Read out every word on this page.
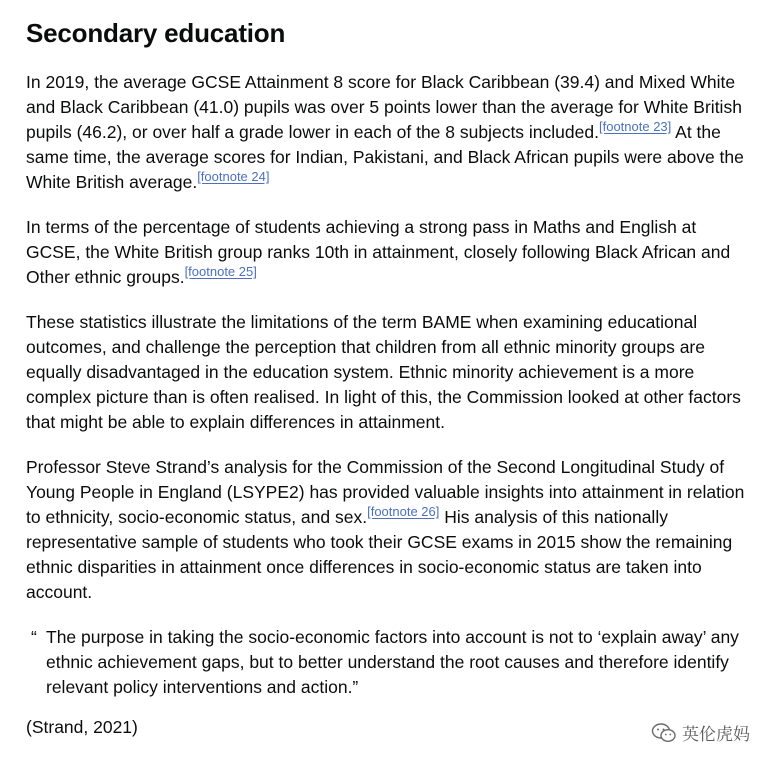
Secondary education

In 2019, the average GCSE Attainment 8 score for Black Caribbean (39.4) and Mixed White and Black Caribbean (41.0) pupils was over 5 points lower than the average for White British pupils (46.2), or over half a grade lower in each of the 8 subjects included.[footnote 23] At the same time, the average scores for Indian, Pakistani, and Black African pupils were above the White British average.[footnote 24]

In terms of the percentage of students achieving a strong pass in Maths and English at GCSE, the White British group ranks 10th in attainment, closely following Black African and Other ethnic groups.[footnote 25]

These statistics illustrate the limitations of the term BAME when examining educational outcomes, and challenge the perception that children from all ethnic minority groups are equally disadvantaged in the education system. Ethnic minority achievement is a more complex picture than is often realised. In light of this, the Commission looked at other factors that might be able to explain differences in attainment.

Professor Steve Strand’s analysis for the Commission of the Second Longitudinal Study of Young People in England (LSYPE2) has provided valuable insights into attainment in relation to ethnicity, socio-economic status, and sex.[footnote 26] His analysis of this nationally representative sample of students who took their GCSE exams in 2015 show the remaining ethnic disparities in attainment once differences in socio-economic status are taken into account.

“ The purpose in taking the socio-economic factors into account is not to ‘explain away’ any ethnic achievement gaps, but to better understand the root causes and therefore identify relevant policy interventions and action.”

(Strand, 2021)	英伦虎妈
